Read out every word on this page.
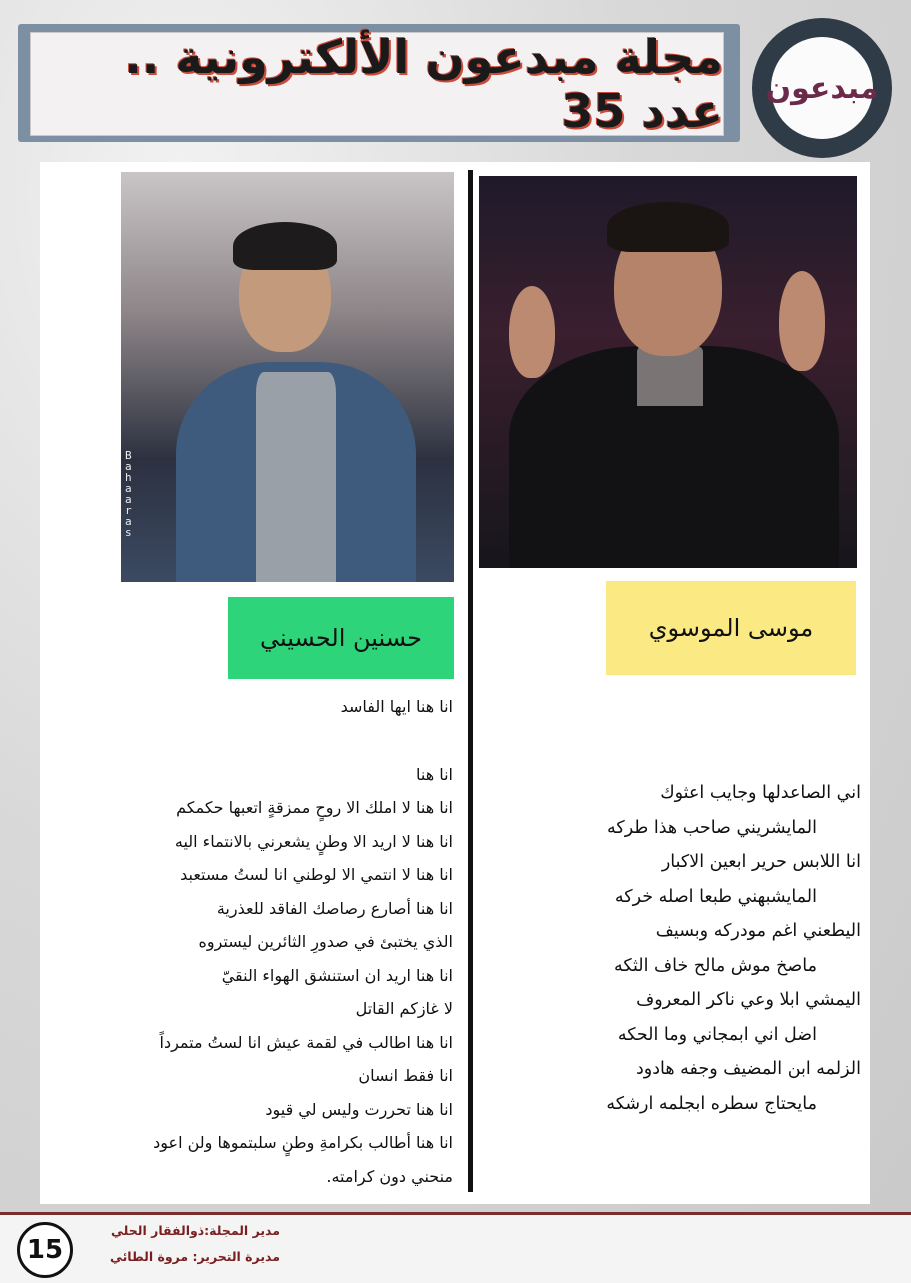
مجلة مبدعون الألكترونية .. عدد 35 مبدعون
Bahaaras
حسنين الحسيني	موسى الموسوي
انا هنا ايها الفاسد
انا هنا
انا هنا لا املك الا روحٍ ممزقةٍ اتعبها حكمكم
انا هنا لا اريد الا وطنٍ يشعرني بالانتماء اليه
انا هنا لا انتمي الا لوطني انا لستُ مستعبد
انا هنا أصارع رصاصك الفاقد للعذرية
الذي يختبئ في صدورِ الثائرين ليستروه
انا هنا اريد ان استنشق الهواء النقيّ
لا غازكم القاتل
انا هنا اطالب في لقمة عيش انا لستُ متمرداً
انا فقط انسان
انا هنا تحررت وليس لي قيود
انا هنا أطالب بكرامةِ وطنٍ سلبتموها ولن اعود
منحني دون كرامته.
اني الصاعدلها وجايب اعثوك
المايشريني صاحب هذا طركه
انا اللابس حرير ابعين الاكبار
المايشبهني طبعا اصله خركه
اليطعني اغم مودركه وبسيف
ماصخ موش مالح خاف الثكه
اليمشي ابلا وعي ناكر المعروف
اضل اني ابمجاني وما الحكه
الزلمه ابن المضيف وجفه هادود
مايحتاج سطره ابجلمه ارشكه
15
مدير المجلة:ذوالفقار الحلي
مديرة التحرير: مروة الطائي
